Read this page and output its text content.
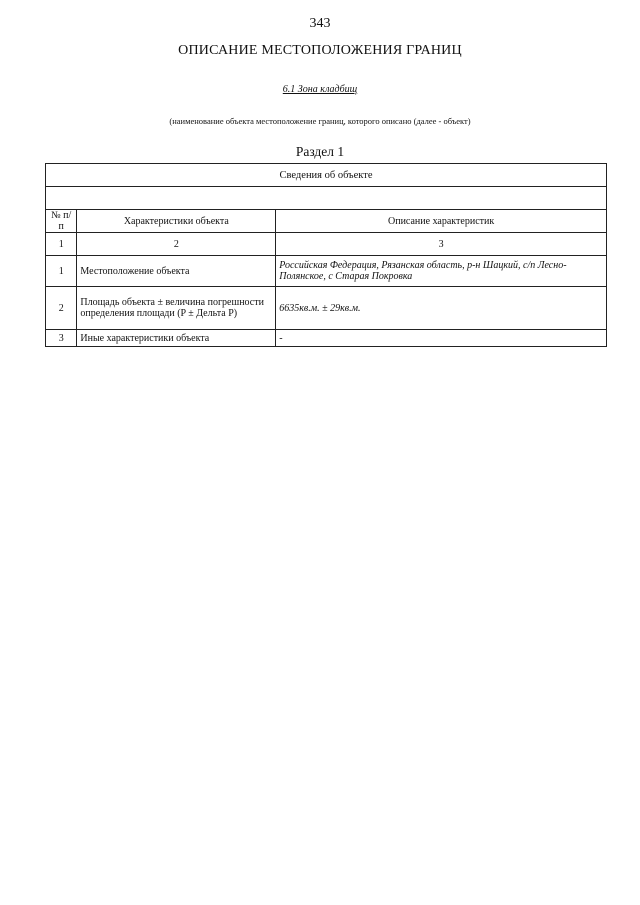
343
ОПИСАНИЕ МЕСТОПОЛОЖЕНИЯ ГРАНИЦ
6.1 Зона кладбищ
(наименование объекта местоположение границ, которого описано (далее - объект)
Раздел 1
Сведения об объекте		

№ п/п	Характеристики объекта	Описание характеристик
1	2	3
1	Местоположение объекта	Российская Федерация, Рязанская область, р-н Шацкий, с/п Лесно-Полянское, с Старая Покровка
2	Площадь объекта ± величина погрешности определения площади (P ± Дельта P)	6635кв.м. ± 29кв.м.
3	Иные характеристики объекта	-
